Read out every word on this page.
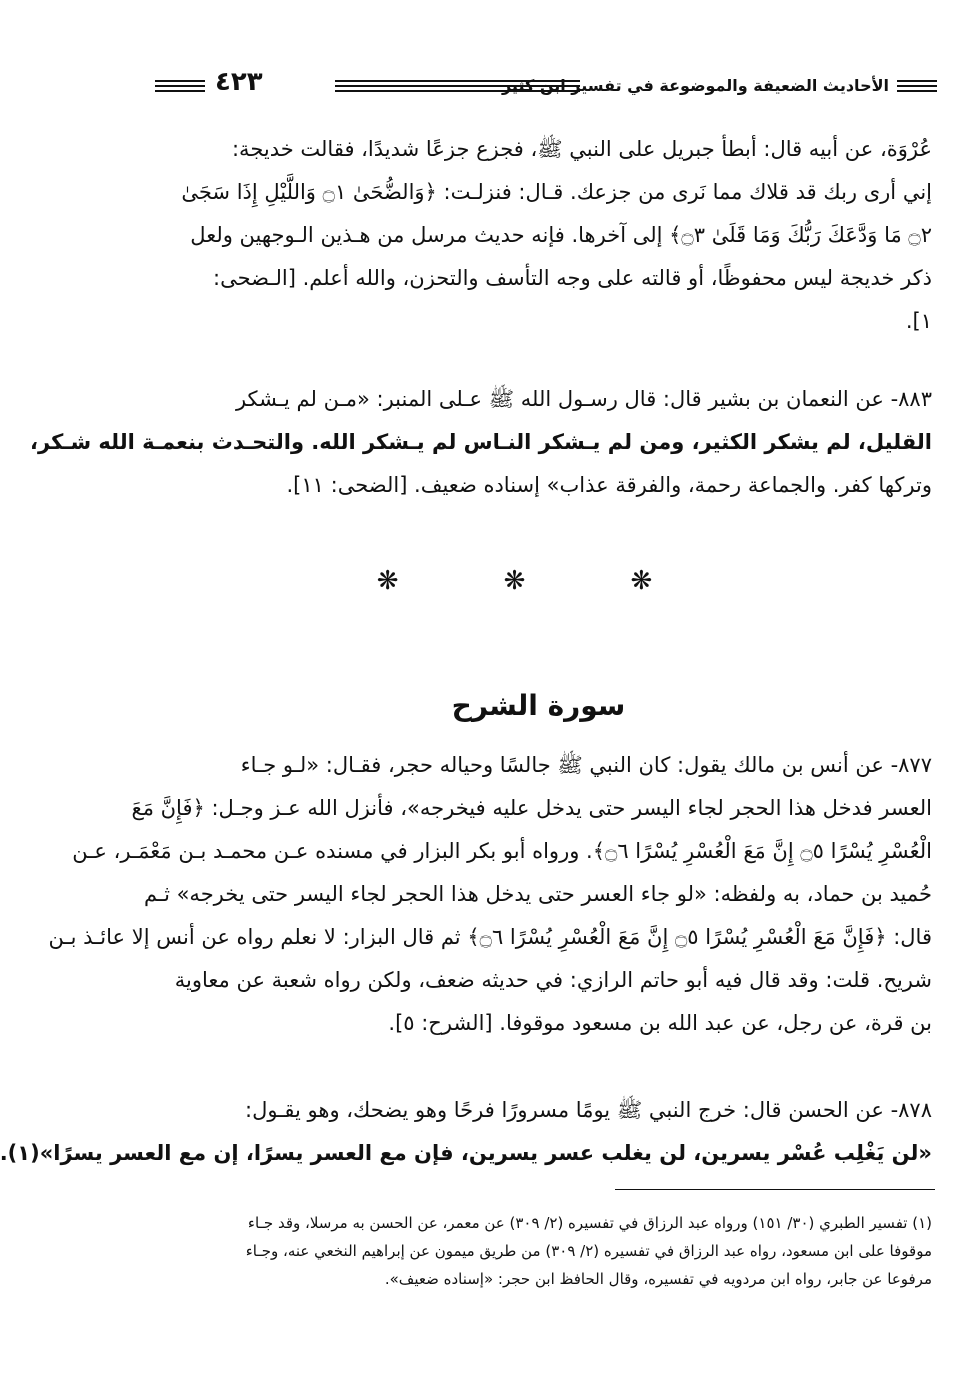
الأحاديث الضعيفة والموضوعة في تفسير ابن كثير
٤٢٣
عُرْوَة، عن أبيه قال: أبطأ جبريل على النبي ﷺ، فجزع جزعًا شديدًا، فقالت خديجة:
إني أرى ربك قد قلاك مما نَرى من جزعك. قـال: فنزلـت: ﴿وَالضُّحَىٰ ۝١ وَاللَّيْلِ إِذَا سَجَىٰ
۝٢ مَا وَدَّعَكَ رَبُّكَ وَمَا قَلَىٰ ۝٣﴾ إلى آخرها. فإنه حديث مرسل من هـذين الـوجهين ولعل
ذكر خديجة ليس محفوظًا، أو قالته على وجه التأسف والتحزن، والله أعلم. [الـضحى:
١].
٨٨٣- عن النعمان بن بشير قال: قال رسـول الله ﷺ عـلى المنبر: «مـن لم يـشكر
القليل، لم يشكر الكثير، ومن لم يـشكر النـاس لم يـشكر الله. والتحـدث بنعمـة الله شـكر،
وتركها كفر. والجماعة رحمة، والفرقة عذاب» إسناده ضعيف. [الضحى: ١١].
❋ ❋ ❋
سورة الشرح
٨٧٧- عن أنس بن مالك يقول: كان النبي ﷺ جالسًا وحياله حجر، فقـال: «لـو جـاء
العسر فدخل هذا الحجر لجاء اليسر حتى يدخل عليه فيخرجه»، فأنزل الله عـز وجـل: ﴿فَإِنَّ مَعَ
الْعُسْرِ يُسْرًا ۝٥ إِنَّ مَعَ الْعُسْرِ يُسْرًا ۝٦﴾. ورواه أبو بكر البزار في مسنده عـن محمـد بـن مَعْمَـر، عـن
حُميد بن حماد، به ولفظه: «لو جاء العسر حتى يدخل هذا الحجر لجاء اليسر حتى يخرجه» ثـم
قال: ﴿فَإِنَّ مَعَ الْعُسْرِ يُسْرًا ۝٥ إِنَّ مَعَ الْعُسْرِ يُسْرًا ۝٦﴾ ثم قال البزار: لا نعلم رواه عن أنس إلا عائـذ بـن
شريح. قلت: وقد قال فيه أبو حاتم الرازي: في حديثه ضعف، ولكن رواه شعبة عن معاوية
بن قرة، عن رجل، عن عبد الله بن مسعود موقوفا. [الشرح: ٥].
٨٧٨- عن الحسن قال: خرج النبي ﷺ يومًا مسرورًا فرحًا وهو يضحك، وهو يقـول:
«لن يَغْلِب عُسْر يسرين، لن يغلب عسر يسرين، فإن مع العسر يسرًا، إن مع العسر يسرًا»(١).
(١) تفسير الطبري (٣٠/ ١٥١) ورواه عبد الرزاق في تفسيره (٢/ ٣٠٩) عن معمر، عن الحسن به مرسلا، وقد جـاء
موقوفا على ابن مسعود، رواه عبد الرزاق في تفسيره (٢/ ٣٠٩) من طريق ميمون عن إبراهيم النخعي عنه، وجـاء
مرفوعا عن جابر، رواه ابن مردويه في تفسيره، وقال الحافظ ابن حجر: «إسناده ضعيف».
